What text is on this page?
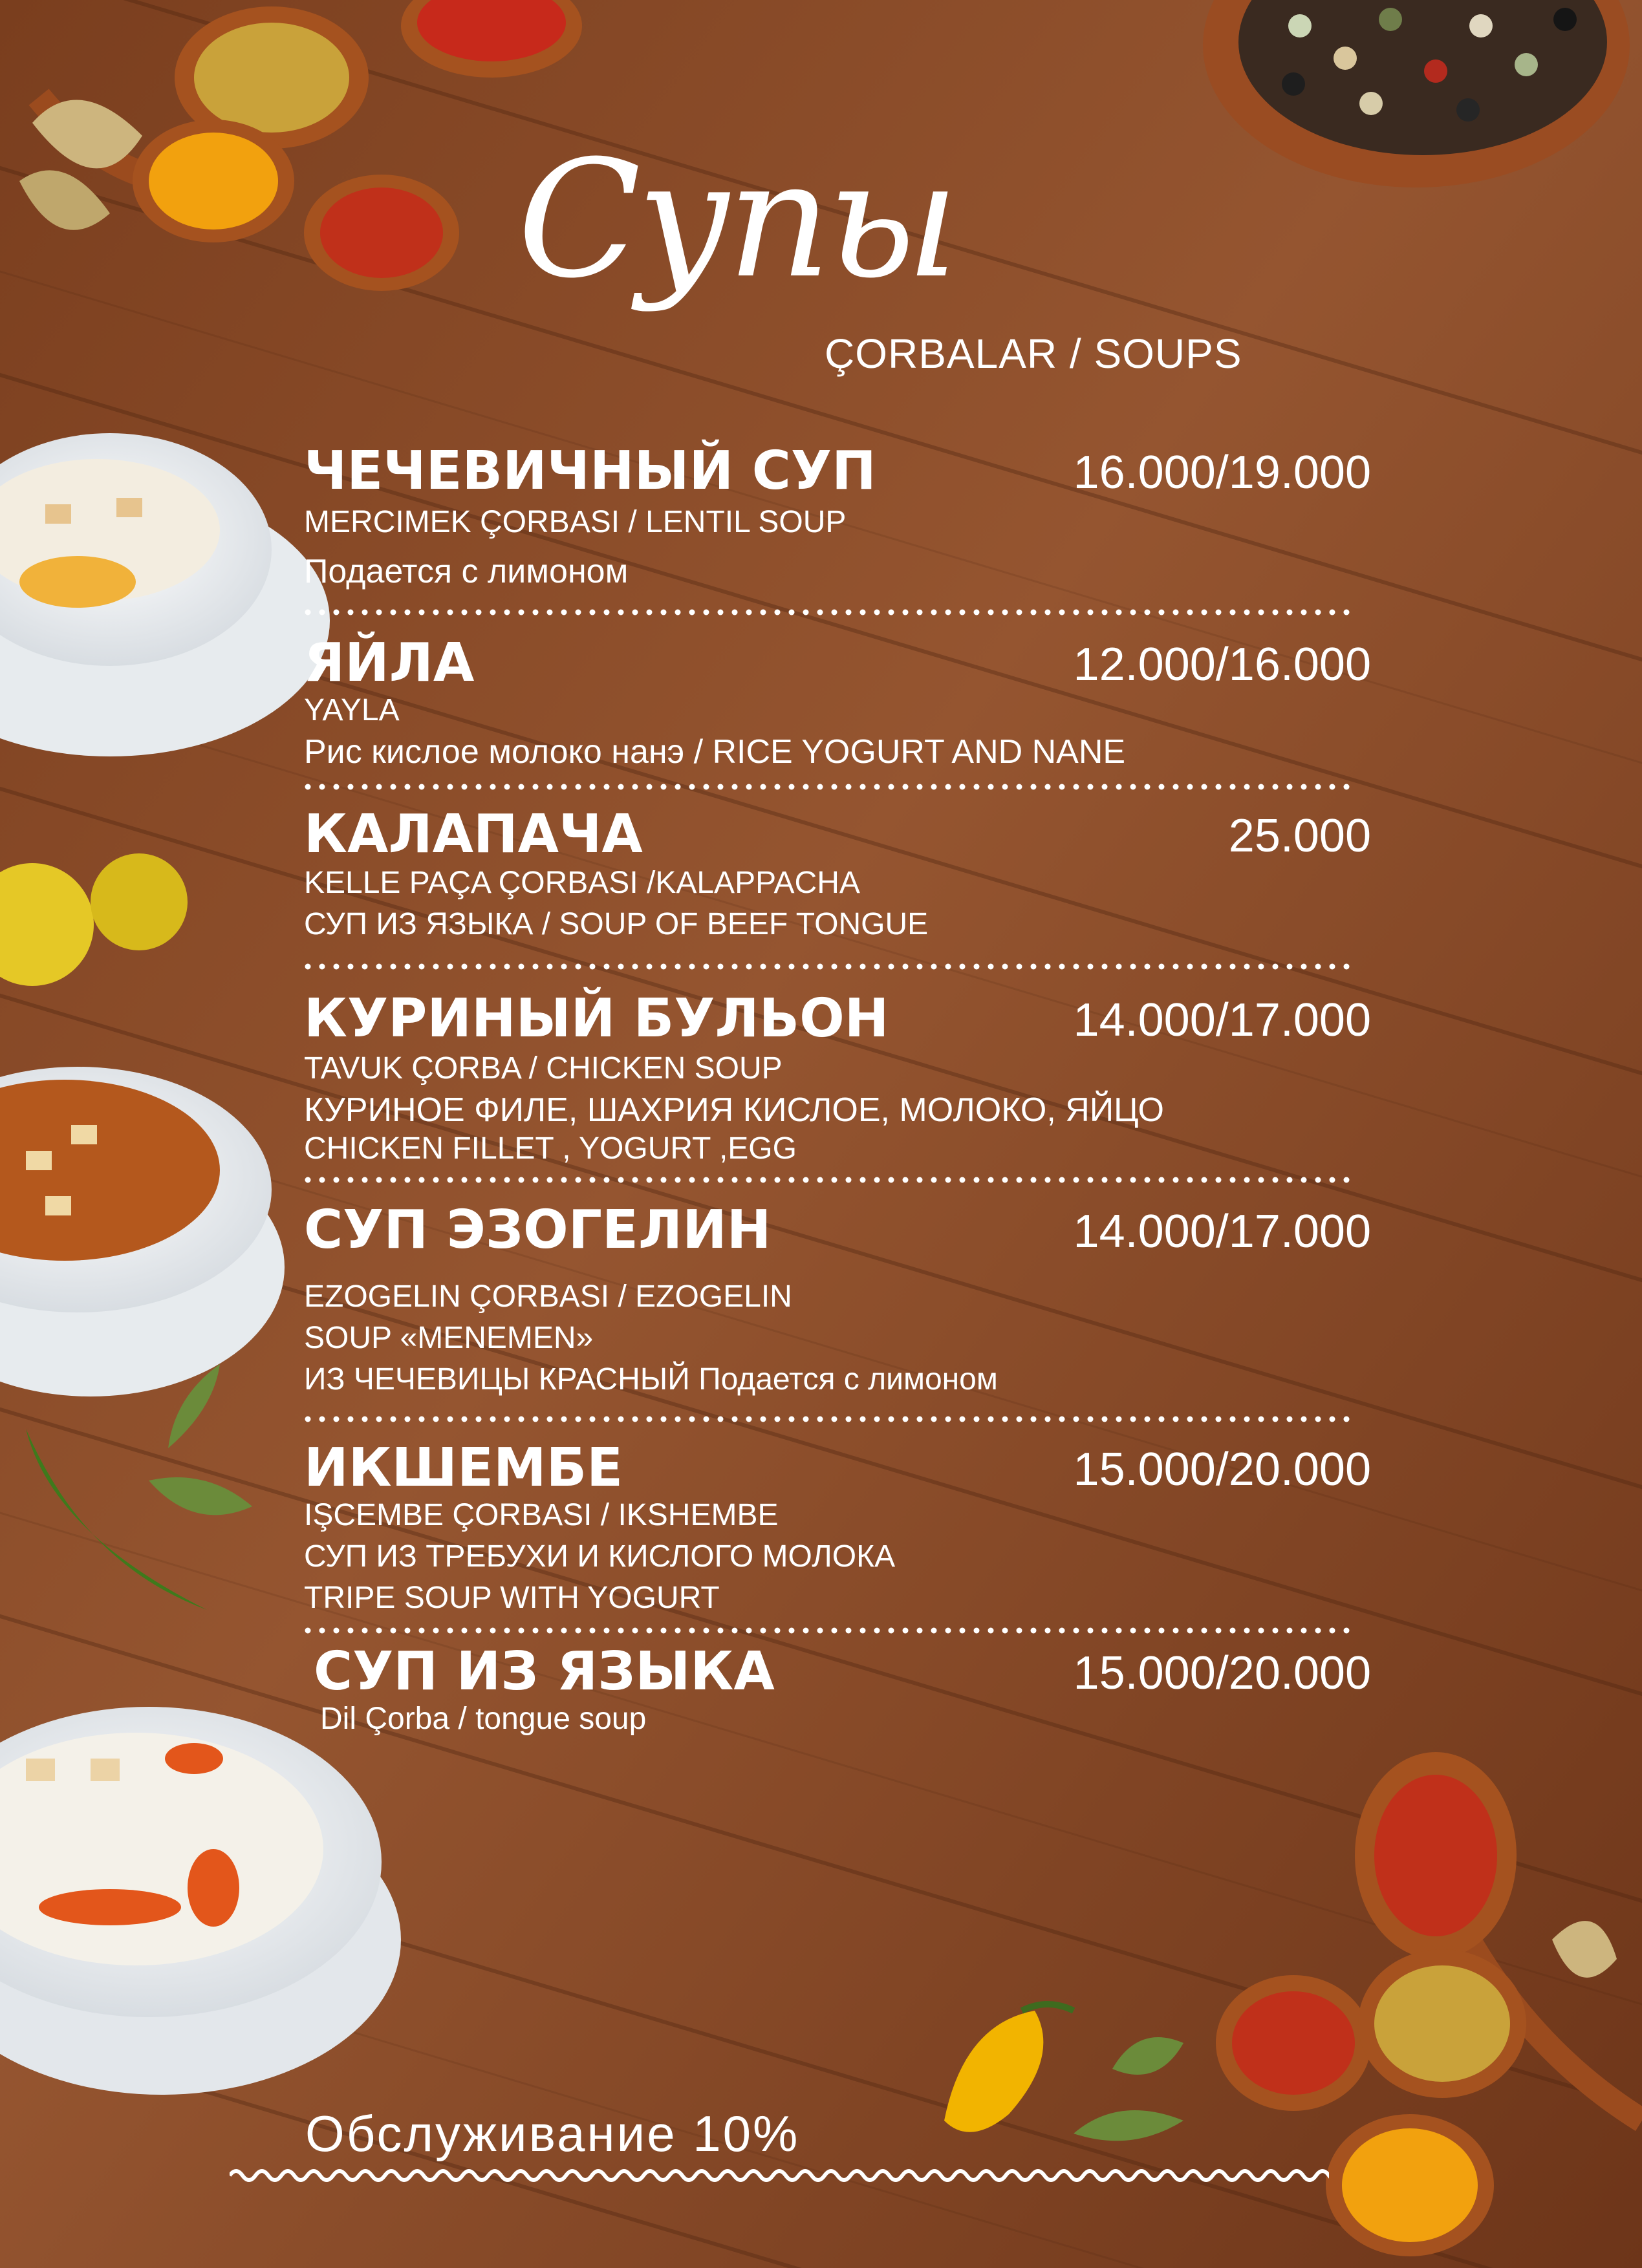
Супы
ÇORBALAR / SOUPS
ЧЕЧЕВИЧНЫЙ СУП	16.000/19.000
MERCIMEK ÇORBASI / LENTIL SOUP
Подается с лимоном
ЯЙЛА	12.000/16.000
YAYLA
Рис кислое молоко нанэ / RICE YOGURT AND NANE
КАЛАПАЧА	25.000
KELLE PAÇA ÇORBASI /KALAPPACHA
СУП ИЗ ЯЗЫКА / SOUP OF BEEF TONGUE
КУРИНЫЙ БУЛЬОН	14.000/17.000
TAVUK ÇORBA / CHICKEN SOUP
КУРИНОЕ ФИЛЕ, ШАХРИЯ КИСЛОЕ, МОЛОКО, ЯЙЦО
CHICKEN FILLET , YOGURT ,EGG
СУП ЭЗОГЕЛИН	14.000/17.000
EZOGELIN ÇORBASI / EZOGELIN
SOUP «MENEMEN»
ИЗ ЧЕЧЕВИЦЫ КРАСНЫЙ Подается с лимоном
ИКШЕМБЕ	15.000/20.000
IŞCEMBE ÇORBASI / IKSHEMBE
СУП ИЗ ТРЕБУХИ И КИСЛОГО МОЛОКА
TRIPE SOUP WITH YOGURT
СУП ИЗ ЯЗЫКА	15.000/20.000
Dil Çorba / tongue soup
Обслуживание 10%
